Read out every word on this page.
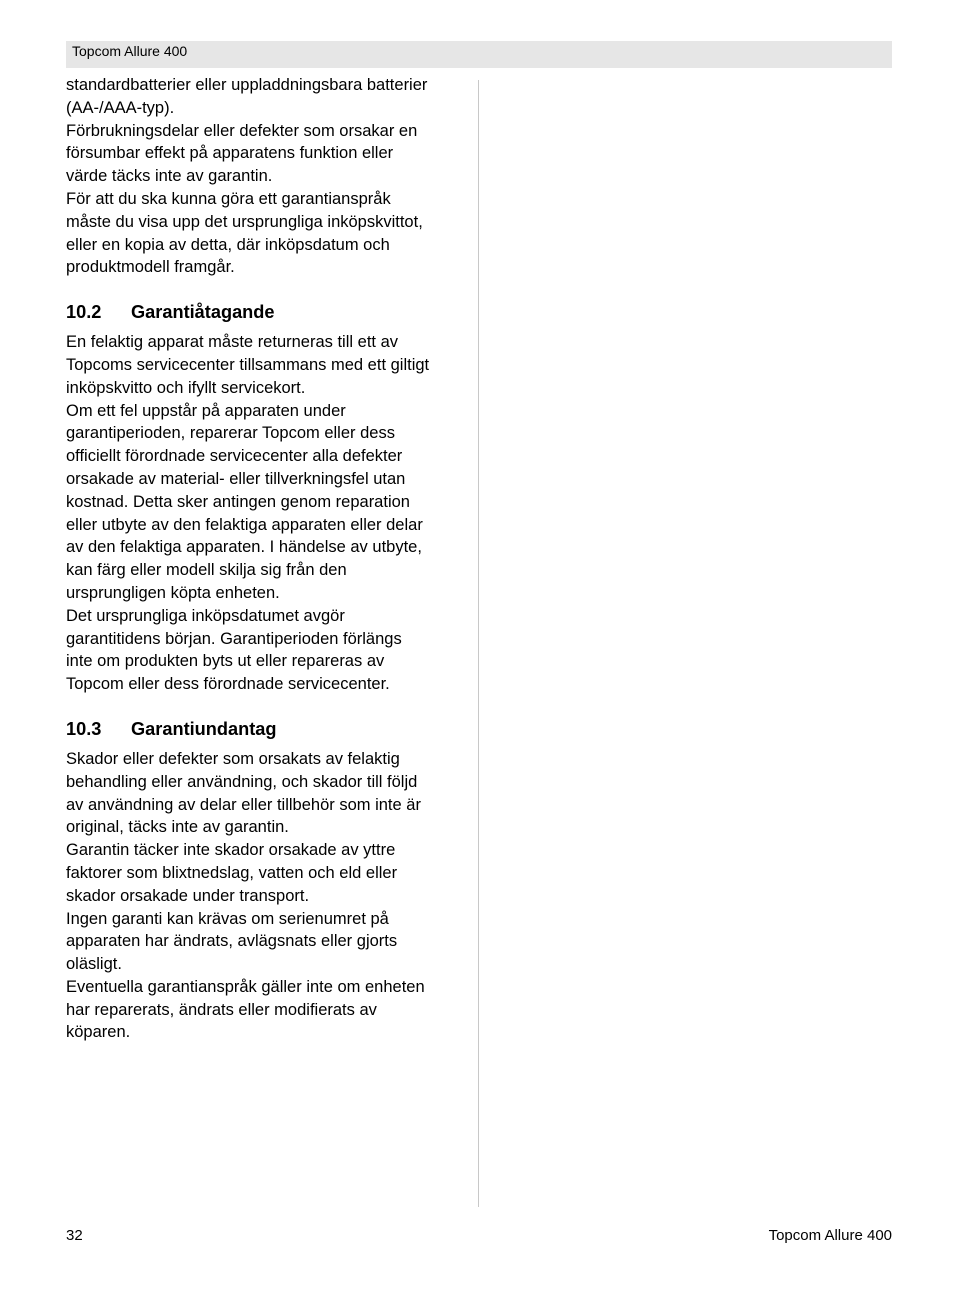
Topcom Allure 400

standardbatterier eller uppladdningsbara batterier
(AA-/AAA-typ).
Förbrukningsdelar eller defekter som orsakar en
försumbar effekt på apparatens funktion eller
värde täcks inte av garantin.
För att du ska kunna göra ett garantianspråk
måste du visa upp det ursprungliga inköpskvittot,
eller en kopia av detta, där inköpsdatum och
produktmodell framgår.

10.2	Garantiåtagande

En felaktig apparat måste returneras till ett av
Topcoms servicecenter tillsammans med ett giltigt
inköpskvitto och ifyllt servicekort.
Om ett fel uppstår på apparaten under
garantiperioden, reparerar Topcom eller dess
officiellt förordnade servicecenter alla defekter
orsakade av material- eller tillverkningsfel utan
kostnad. Detta sker antingen genom reparation
eller utbyte av den felaktiga apparaten eller delar
av den felaktiga apparaten. I händelse av utbyte,
kan färg eller modell skilja sig från den
ursprungligen köpta enheten.
Det ursprungliga inköpsdatumet avgör
garantitidens början. Garantiperioden förlängs
inte om produkten byts ut eller repareras av
Topcom eller dess förordnade servicecenter.

10.3	Garantiundantag

Skador eller defekter som orsakats av felaktig
behandling eller användning, och skador till följd
av användning av delar eller tillbehör som inte är
original, täcks inte av garantin.
Garantin täcker inte skador orsakade av yttre
faktorer som blixtnedslag, vatten och eld eller
skador orsakade under transport.
Ingen garanti kan krävas om serienumret på
apparaten har ändrats, avlägsnats eller gjorts
oläsligt.
Eventuella garantianspråk gäller inte om enheten
har reparerats, ändrats eller modifierats av
köparen.

32	Topcom Allure 400
